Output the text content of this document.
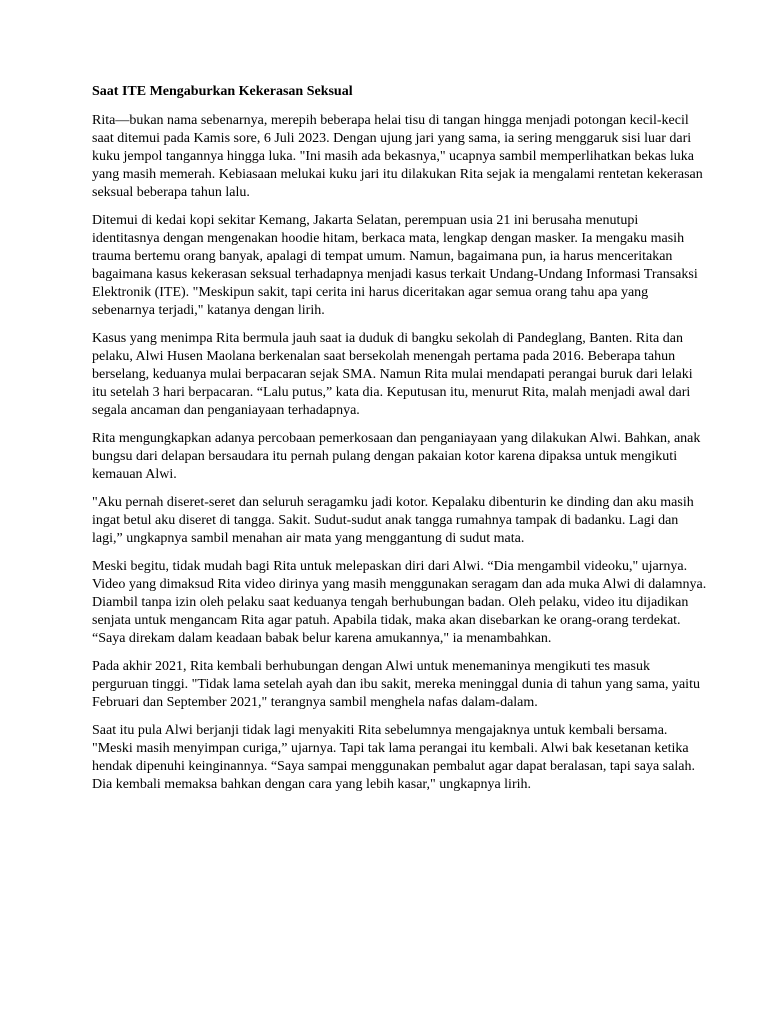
Saat ITE Mengaburkan Kekerasan Seksual

Rita—bukan nama sebenarnya, merepih beberapa helai tisu di tangan hingga menjadi potongan kecil-kecil saat ditemui pada Kamis sore, 6 Juli 2023. Dengan ujung jari yang sama, ia sering menggaruk sisi luar dari kuku jempol tangannya hingga luka. "Ini masih ada bekasnya," ucapnya sambil memperlihatkan bekas luka yang masih memerah. Kebiasaan melukai kuku jari itu dilakukan Rita sejak ia mengalami rentetan kekerasan seksual beberapa tahun lalu.

Ditemui di kedai kopi sekitar Kemang, Jakarta Selatan, perempuan usia 21 ini berusaha menutupi identitasnya dengan mengenakan hoodie hitam, berkaca mata, lengkap dengan masker. Ia mengaku masih trauma bertemu orang banyak, apalagi di tempat umum. Namun, bagaimana pun, ia harus menceritakan bagaimana kasus kekerasan seksual terhadapnya menjadi kasus terkait Undang-Undang Informasi Transaksi Elektronik (ITE). "Meskipun sakit, tapi cerita ini harus diceritakan agar semua orang tahu apa yang sebenarnya terjadi," katanya dengan lirih.

Kasus yang menimpa Rita bermula jauh saat ia duduk di bangku sekolah di Pandeglang, Banten. Rita dan pelaku, Alwi Husen Maolana berkenalan saat bersekolah menengah pertama pada 2016. Beberapa tahun berselang, keduanya mulai berpacaran sejak SMA. Namun Rita mulai mendapati perangai buruk dari lelaki itu setelah 3 hari berpacaran. “Lalu putus,” kata dia. Keputusan itu, menurut Rita, malah menjadi awal dari segala ancaman dan penganiayaan terhadapnya.

Rita mengungkapkan adanya percobaan pemerkosaan dan penganiayaan yang dilakukan Alwi. Bahkan, anak bungsu dari delapan bersaudara itu pernah pulang dengan pakaian kotor karena dipaksa untuk mengikuti kemauan Alwi.

"Aku pernah diseret-seret dan seluruh seragamku jadi kotor. Kepalaku dibenturin ke dinding dan aku masih ingat betul aku diseret di tangga. Sakit. Sudut-sudut anak tangga rumahnya tampak di badanku. Lagi dan lagi,” ungkapnya sambil menahan air mata yang menggantung di sudut mata.

Meski begitu, tidak mudah bagi Rita untuk melepaskan diri dari Alwi. “Dia mengambil videoku," ujarnya. Video yang dimaksud Rita video dirinya yang masih menggunakan seragam dan ada muka Alwi di dalamnya. Diambil tanpa izin oleh pelaku saat keduanya tengah berhubungan badan. Oleh pelaku, video itu dijadikan senjata untuk mengancam Rita agar patuh. Apabila tidak, maka akan disebarkan ke orang-orang terdekat. “Saya direkam dalam keadaan babak belur karena amukannya," ia menambahkan.

Pada akhir 2021, Rita kembali berhubungan dengan Alwi untuk menemaninya mengikuti tes masuk perguruan tinggi. "Tidak lama setelah ayah dan ibu sakit, mereka meninggal dunia di tahun yang sama, yaitu Februari dan September 2021," terangnya sambil menghela nafas dalam-dalam.

Saat itu pula Alwi berjanji tidak lagi menyakiti Rita sebelumnya mengajaknya untuk kembali bersama. "Meski masih menyimpan curiga,” ujarnya. Tapi tak lama perangai itu kembali. Alwi bak kesetanan ketika hendak dipenuhi keinginannya. “Saya sampai menggunakan pembalut agar dapat beralasan, tapi saya salah. Dia kembali memaksa bahkan dengan cara yang lebih kasar," ungkapnya lirih.
